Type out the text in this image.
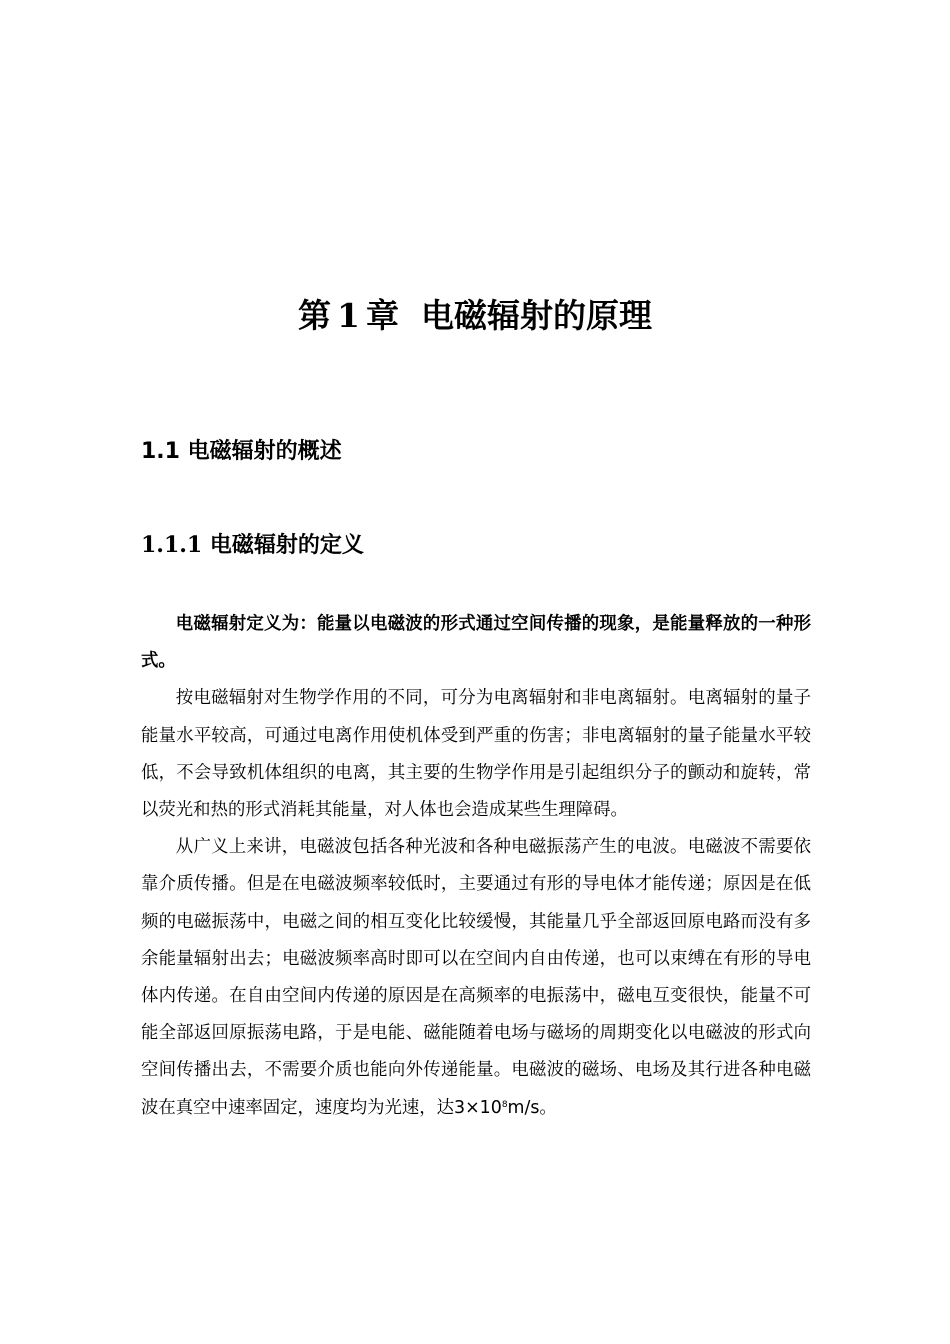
第 1 章 电磁辐射的原理
1.1 电磁辐射的概述
1.1.1 电磁辐射的定义

电磁辐射定义为：能量以电磁波的形式通过空间传播的现象，是能量释放的一种形式。

按电磁辐射对生物学作用的不同，可分为电离辐射和非电离辐射。电离辐射的量子能量水平较高，可通过电离作用使机体受到严重的伤害；非电离辐射的量子能量水平较低，不会导致机体组织的电离，其主要的生物学作用是引起组织分子的颤动和旋转，常以荧光和热的形式消耗其能量，对人体也会造成某些生理障碍。

从广义上来讲，电磁波包括各种光波和各种电磁振荡产生的电波。电磁波不需要依靠介质传播。但是在电磁波频率较低时，主要通过有形的导电体才能传递；原因是在低频的电磁振荡中，电磁之间的相互变化比较缓慢，其能量几乎全部返回原电路而没有多余能量辐射出去；电磁波频率高时即可以在空间内自由传递，也可以束缚在有形的导电体内传递。在自由空间内传递的原因是在高频率的电振荡中，磁电互变很快，能量不可能全部返回原振荡电路，于是电能、磁能随着电场与磁场的周期变化以电磁波的形式向空间传播出去，不需要介质也能向外传递能量。电磁波的磁场、电场及其行进各种电磁波在真空中速率固定，速度均为光速，达$3\times 10^8m/s$。
